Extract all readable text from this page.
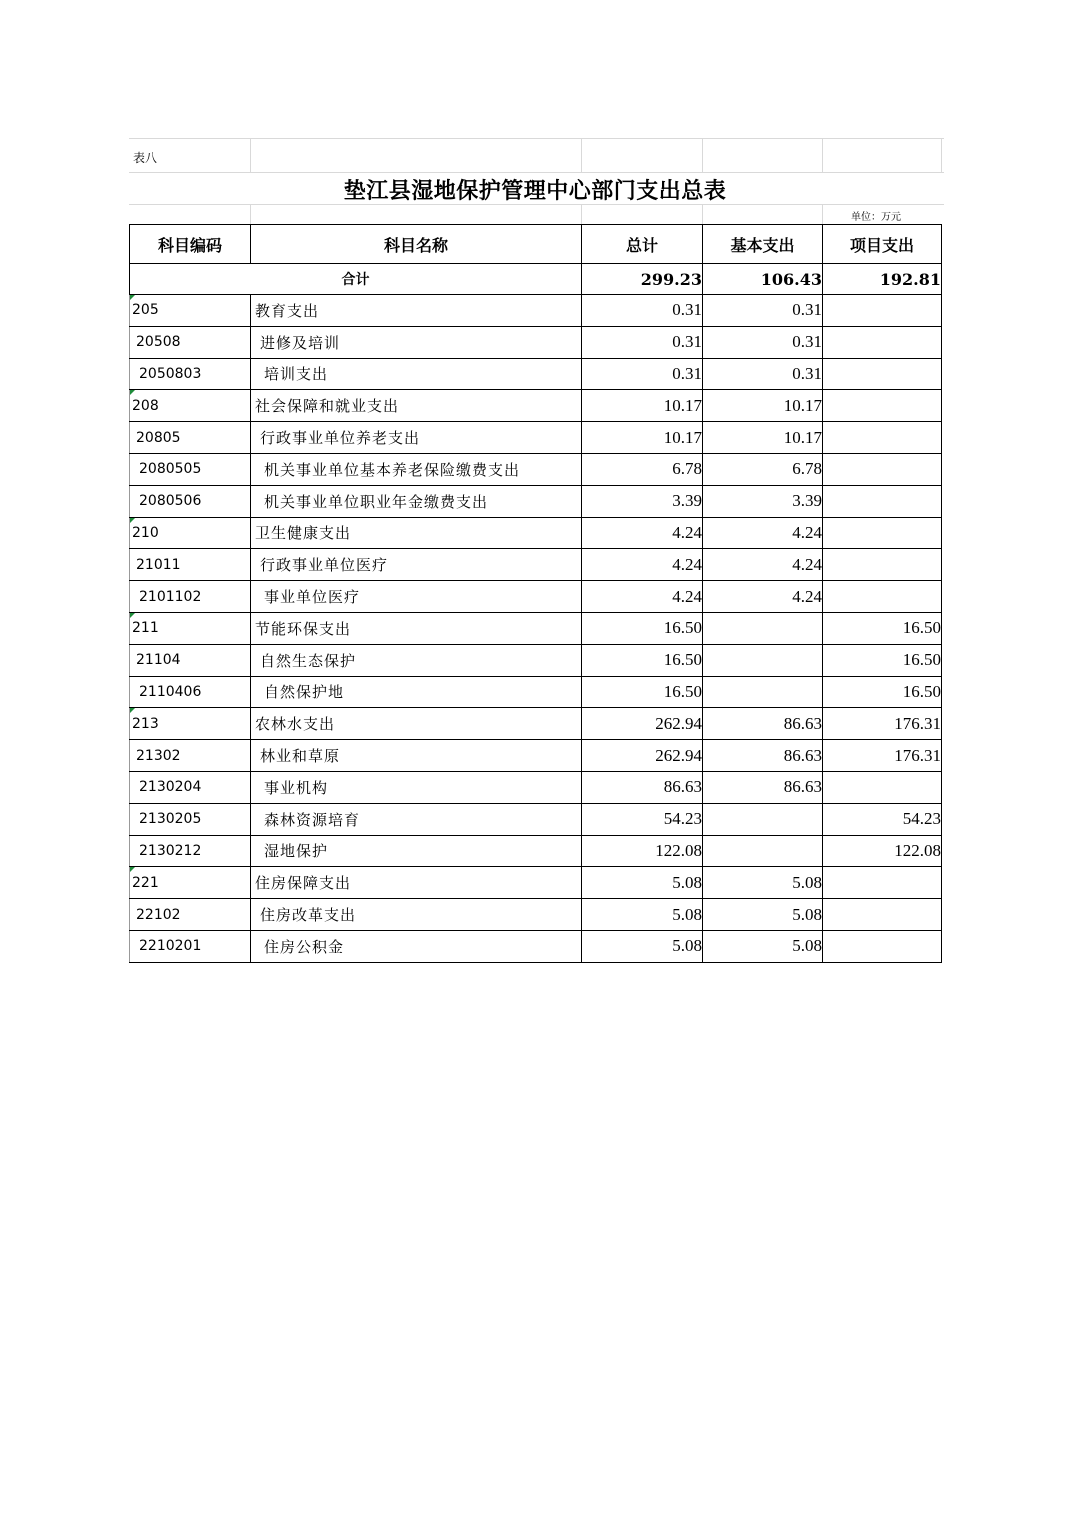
表八
垫江县湿地保护管理中心部门支出总表
单位：万元
科目编码	科目名称	总计	基本支出	项目支出
合计		299.23	106.43	192.81

205	教育支出	0.31	0.31	
20508	进修及培训	0.31	0.31	
2050803	培训支出	0.31	0.31	

208	社会保障和就业支出	10.17	10.17	
20805	行政事业单位养老支出	10.17	10.17	
2080505	机关事业单位基本养老保险缴费支出	6.78	6.78	
2080506	机关事业单位职业年金缴费支出	3.39	3.39	

210	卫生健康支出	4.24	4.24	
21011	行政事业单位医疗	4.24	4.24	
2101102	事业单位医疗	4.24	4.24	

211	节能环保支出	16.50		16.50
21104	自然生态保护	16.50		16.50
2110406	自然保护地	16.50		16.50

213	农林水支出	262.94	86.63	176.31
21302	林业和草原	262.94	86.63	176.31
2130204	事业机构	86.63	86.63	
2130205	森林资源培育	54.23		54.23
2130212	湿地保护	122.08		122.08

221	住房保障支出	5.08	5.08	
22102	住房改革支出	5.08	5.08	
2210201	住房公积金	5.08	5.08	
